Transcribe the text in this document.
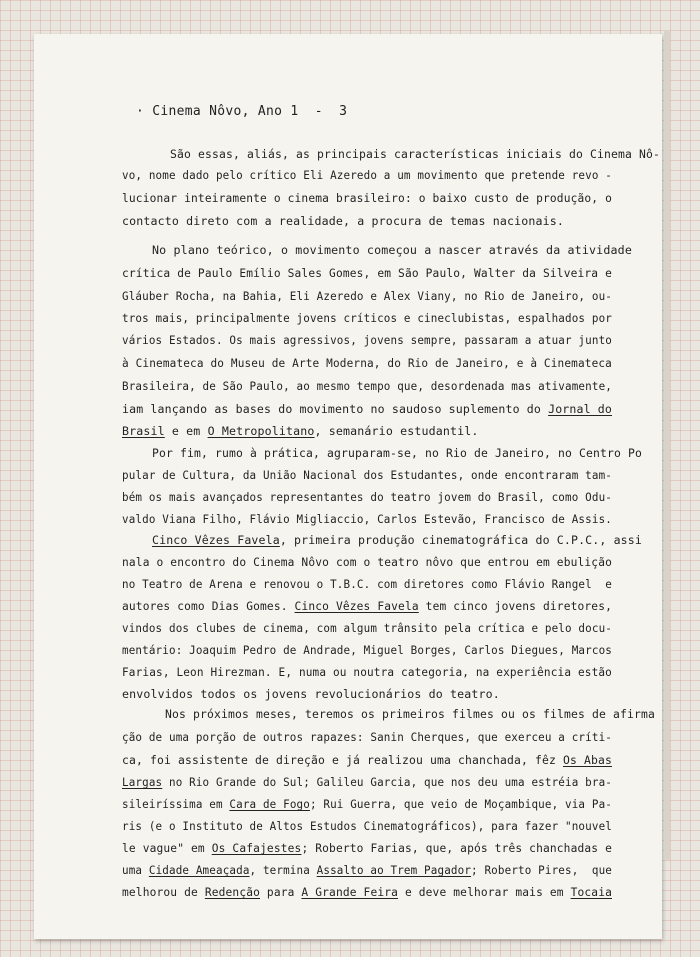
· Cinema Nôvo, Ano 1  -  3
São essas, aliás, as principais características iniciais do Cinema Nô-
vo, nome dado pelo crítico Eli Azeredo a um movimento que pretende revo -
lucionar inteiramente o cinema brasileiro: o baixo custo de produção, o
contacto direto com a realidade, a procura de temas nacionais.
No plano teórico, o movimento começou a nascer através da atividade
crítica de Paulo Emílio Sales Gomes, em São Paulo, Walter da Silveira e
Gláuber Rocha, na Bahia, Eli Azeredo e Alex Viany, no Rio de Janeiro, ou-
tros mais, principalmente jovens críticos e cineclubistas, espalhados por
vários Estados. Os mais agressivos, jovens sempre, passaram a atuar junto
à Cinemateca do Museu de Arte Moderna, do Rio de Janeiro, e à Cinemateca
Brasileira, de São Paulo, ao mesmo tempo que, desordenada mas ativamente,
iam lançando as bases do movimento no saudoso suplemento do Jornal do
Brasil e em O Metropolitano, semanário estudantil.
Por fim, rumo à prática, agruparam-se, no Rio de Janeiro, no Centro Po
pular de Cultura, da União Nacional dos Estudantes, onde encontraram tam-
bém os mais avançados representantes do teatro jovem do Brasil, como Odu-
valdo Viana Filho, Flávio Migliaccio, Carlos Estevão, Francisco de Assis.
Cinco Vêzes Favela, primeira produção cinematográfica do C.P.C., assi
nala o encontro do Cinema Nôvo com o teatro nôvo que entrou em ebulição
no Teatro de Arena e renovou o T.B.C. com diretores como Flávio Rangel  e
autores como Dias Gomes. Cinco Vêzes Favela tem cinco jovens diretores,
vindos dos clubes de cinema, com algum trânsito pela crítica e pelo docu-
mentário: Joaquim Pedro de Andrade, Miguel Borges, Carlos Diegues, Marcos
Farias, Leon Hirezman. E, numa ou noutra categoria, na experiência estão
envolvidos todos os jovens revolucionários do teatro.
Nos próximos meses, teremos os primeiros filmes ou os filmes de afirma
ção de uma porção de outros rapazes: Sanin Cherques, que exerceu a críti-
ca, foi assistente de direção e já realizou uma chanchada, fêz Os Abas
Largas no Rio Grande do Sul; Galileu Garcia, que nos deu uma estréia bra-
sileiríssima em Cara de Fogo; Rui Guerra, que veio de Moçambique, via Pa-
ris (e o Instituto de Altos Estudos Cinematográficos), para fazer "nouvel
le vague" em Os Cafajestes; Roberto Farias, que, após três chanchadas e
uma Cidade Ameaçada, termina Assalto ao Trem Pagador; Roberto Pires,  que
melhorou de Redenção para A Grande Feira e deve melhorar mais em Tocaia
